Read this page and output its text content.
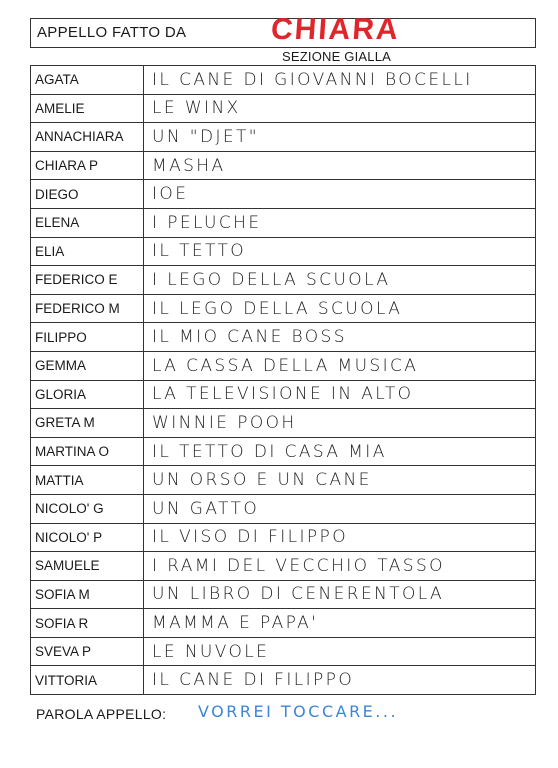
APPELLO FATTO DA	CHIARA
SEZIONE GIALLA
AGATA	IL CANE DI GIOVANNI BOCELLI
AMELIE	LE WINX
ANNACHIARA	UN "DJET"
CHIARA P	MASHA
DIEGO	IOE
ELENA	I PELUCHE
ELIA	IL TETTO
FEDERICO E	I LEGO DELLA SCUOLA
FEDERICO M	IL LEGO DELLA SCUOLA
FILIPPO	IL MIO CANE BOSS
GEMMA	LA CASSA DELLA MUSICA
GLORIA	LA TELEVISIONE IN ALTO
GRETA M	WINNIE POOH
MARTINA O	IL TETTO DI CASA MIA
MATTIA	UN ORSO E UN CANE
NICOLO' G	UN GATTO
NICOLO' P	IL VISO DI FILIPPO
SAMUELE	I RAMI DEL VECCHIO TASSO
SOFIA M	UN LIBRO DI CENERENTOLA
SOFIA R	MAMMA E PAPA'
SVEVA P	LE NUVOLE
VITTORIA	IL CANE DI FILIPPO
PAROLA APPELLO: VORREI TOCCARE...
